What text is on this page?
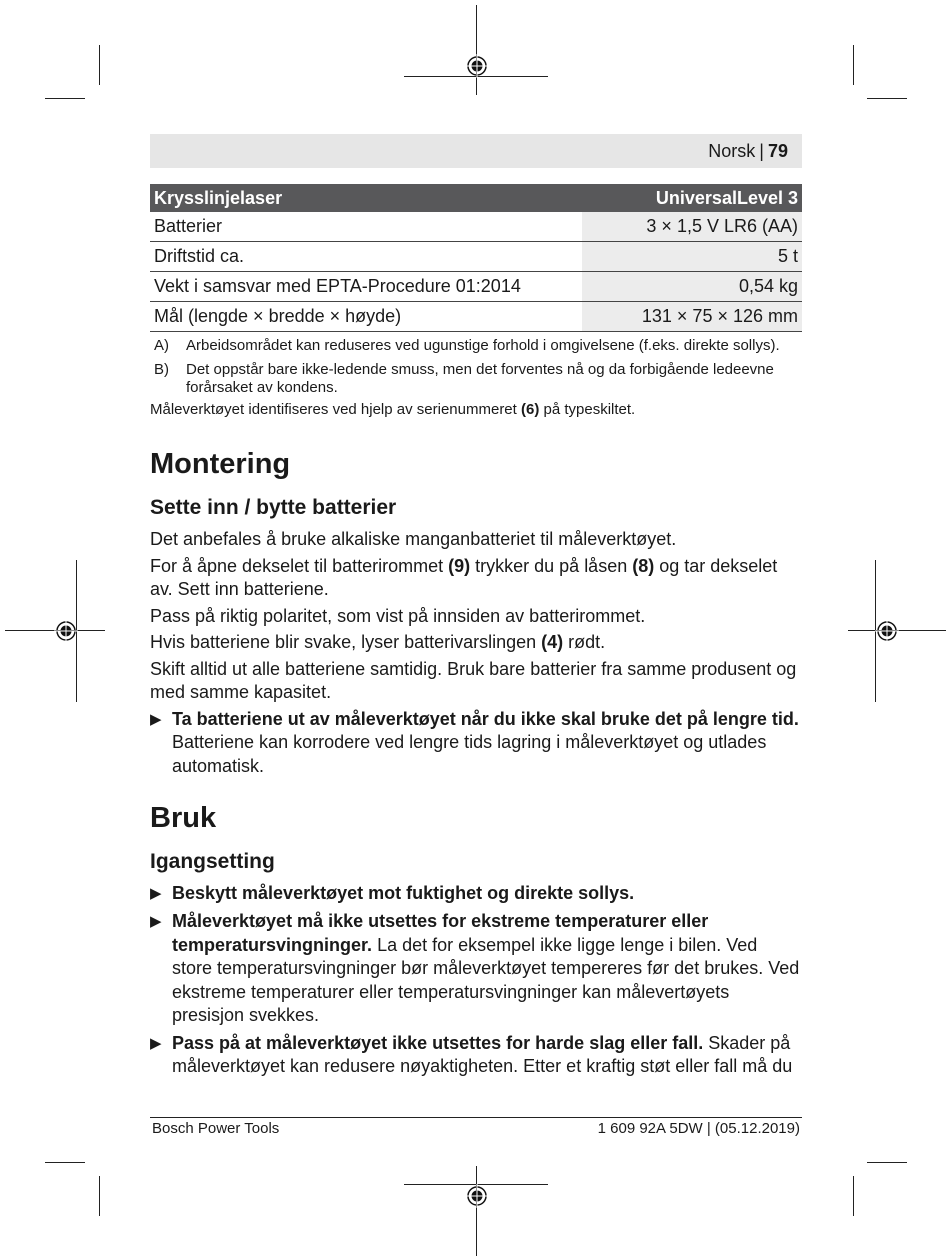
Norsk | 79
Krysslinjelaser	UniversalLevel 3
Batterier	3 × 1,5 V LR6 (AA)
Driftstid ca.	5 t
Vekt i samsvar med EPTA-Procedure 01:2014	0,54 kg
Mål (lengde × bredde × høyde)	131 × 75 × 126 mm
A)	Arbeidsområdet kan reduseres ved ugunstige forhold i omgivelsene (f.eks. direkte sollys).
B)	Det oppstår bare ikke-ledende smuss, men det forventes nå og da forbigående ledeevne forårsaket av kondens.
Måleverktøyet identifiseres ved hjelp av serienummeret (6) på typeskiltet.
Montering
Sette inn / bytte batterier

Det anbefales å bruke alkaliske manganbatteriet til måleverktøyet.

For å åpne dekselet til batterirommet (9) trykker du på låsen (8) og tar dekselet av. Sett inn batteriene.

Pass på riktig polaritet, som vist på innsiden av batterirommet.

Hvis batteriene blir svake, lyser batterivarslingen (4) rødt.

Skift alltid ut alle batteriene samtidig. Bruk bare batterier fra samme produsent og med samme kapasitet.

▶ Ta batteriene ut av måleverktøyet når du ikke skal bruke det på lengre tid.
Batteriene kan korrodere ved lengre tids lagring i måleverktøyet og utlades automatisk.
Bruk
Igangsetting
▶ Beskytt måleverktøyet mot fuktighet og direkte sollys.
▶ Måleverktøyet må ikke utsettes for ekstreme temperaturer eller temperatursvingninger. La det for eksempel ikke ligge lenge i bilen. Ved store temperatursvingninger bør måleverktøyet tempereres før det brukes. Ved ekstreme temperaturer eller temperatursvingninger kan målevertøyets presisjon svekkes.
▶ Pass på at måleverktøyet ikke utsettes for harde slag eller fall. Skader på måleverktøyet kan redusere nøyaktigheten. Etter et kraftig støt eller fall må du
Bosch Power Tools	1 609 92A 5DW | (05.12.2019)
